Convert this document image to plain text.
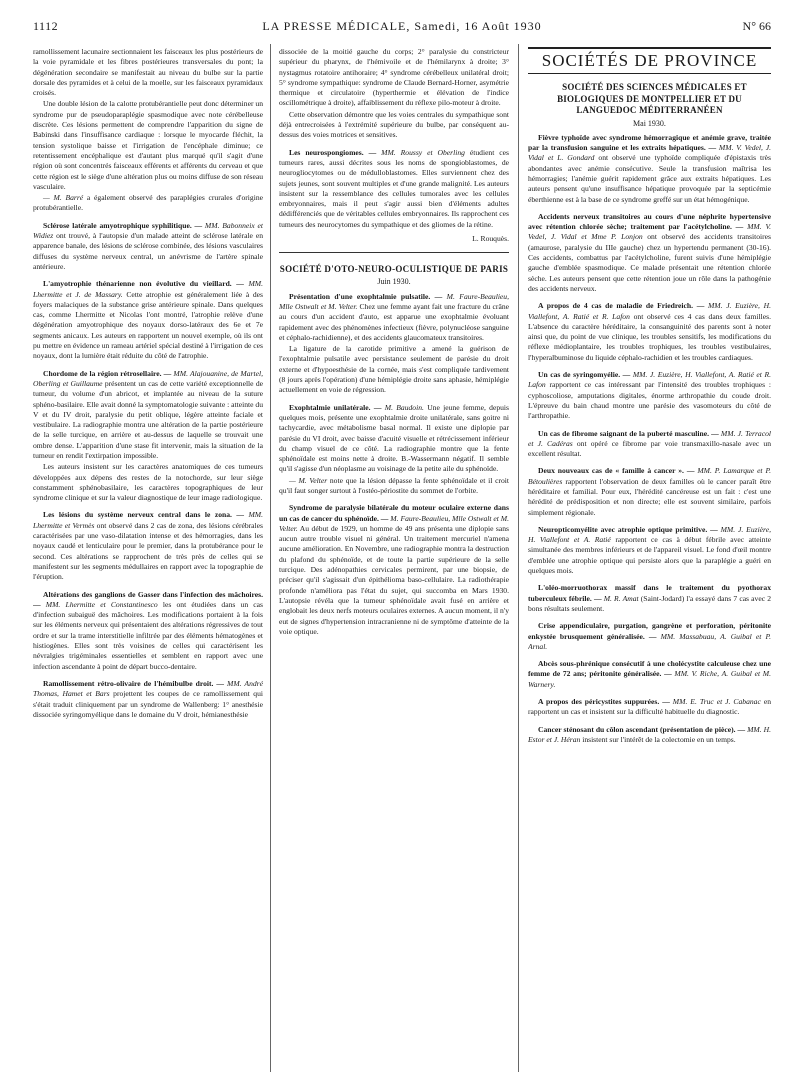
1112	LA PRESSE MÉDICALE, Samedi, 16 Août 1930	N° 66

ramollissement lacunaire sectionnaient les faisceaux les plus postérieurs de la voie pyramidale et les fibres postérieures transversales du pont; la dégénération secondaire se manifestait au niveau du bulbe sur la partie dorsale des pyramides et à celui de la moelle, sur les faisceaux pyramidaux croisés.

Une double lésion de la calotte protubérantielle peut donc déterminer un syndrome pur de pseudoparaplégie spasmodique avec note cérébelleuse discrète. Ces lésions permettent de comprendre l'apparition du signe de Babinski dans l'insuffisance cardiaque : lorsque le myocarde fléchit, la tension systolique baisse et l'irrigation de l'encéphale diminue; ce retentissement encéphalique est d'autant plus marqué qu'il s'agit d'une région où sont concentrés faisceaux efférents et afférents du cerveau et que cette région est le siège d'une altération plus ou moins diffuse de son réseau vasculaire.

— M. Barré a également observé des paraplégies crurales d'origine protubérantielle.

Sclérose latérale amyotrophique syphilitique. — MM. Babonneix et Widiez ont trouvé, à l'autopsie d'un malade atteint de sclérose latérale en apparence banale, des lésions de sclérose combinée, des lésions vasculaires diffuses du système nerveux central, un anévrisme de l'artère spinale antérieure.

L'amyotrophie thénarienne non évolutive du vieillard. — MM. Lhermitte et J. de Massary. Cette atrophie est généralement liée à des foyers malaciques de la substance grise antérieure spinale. Dans quelques cas, comme Lhermitte et Nicolas l'ont montré, l'atrophie relève d'une dégénération amyotrophique des noyaux dorso-latéraux des 6e et 7e segments anicaux. Les auteurs en rapportent un nouvel exemple, où ils ont pu mettre en évidence un rameau artériel spécial destiné à l'irrigation de ces noyaux, dont la lumière était réduite du côté de l'atrophie.

Chordome de la région rétrosellaire. — MM. Alajouanine, de Martel, Oberling et Guillaume présentent un cas de cette variété exceptionnelle de tumeur, du volume d'un abricot, et implantée au niveau de la suture sphéno-basilaire. Elle avait donné la symptomatologie suivante : atteinte du V et du IV droit, paralysie du petit oblique, légère atteinte faciale et vestibulaire. La radiographie montra une altération de la partie postérieure de la selle turcique, en arrière et au-dessus de laquelle se trouvait une ombre dense. L'apparition d'une stase fit intervenir, mais la situation de la tumeur en rendit l'extirpation impossible.

Les auteurs insistent sur les caractères anatomiques de ces tumeurs développées aux dépens des restes de la notochorde, sur leur siège constamment sphénobasilaire, les caractères topographiques de leur syndrome clinique et sur la valeur diagnostique de leur image radiologique.

Les lésions du système nerveux central dans le zona. — MM. Lhermitte et Vermès ont observé dans 2 cas de zona, des lésions cérébrales caractérisées par une vaso-dilatation intense et des hémorragies, dans les noyaux caudé et lenticulaire pour le premier, dans la protubérance pour le second. Ces altérations se rapprochent de très près de celles qui se manifestent sur les segments médullaires en rapport avec la topographie de l'éruption.

Altérations des ganglions de Gasser dans l'infection des mâchoires. — MM. Lhermitte et Constantinesco les ont étudiées dans un cas d'infection subaiguë des mâchoires. Les modifications portaient à la fois sur les éléments nerveux qui présentaient des altérations régressives de tout ordre et sur la trame interstitielle infiltrée par des éléments hématogènes et histiogènes. Elles sont très voisines de celles qui caractérisent les névralgies trigéminales essentielles et semblent en rapport avec une infection ascendante à point de départ bucco-dentaire.

Ramollissement rétro-olivaire de l'hémibulbe droit. — MM. André Thomas, Hamet et Bars projettent les coupes de ce ramollissement qui s'était traduit cliniquement par un syndrome de Wallenberg: 1° anesthésie dissociée syringomyélique dans le domaine du V droit, hémianesthésie

dissociée de la moitié gauche du corps; 2° paralysie du constricteur supérieur du pharynx, de l'hémivoile et de l'hémilarynx à droite; 3° nystagmus rotatoire antihoraire; 4° syndrome cérébelleux unilatéral droit; 5° syndrome sympathique: syndrome de Claude Bernard-Horner, asymétrie thermique et circulatoire (hyperthermie et élévation de l'indice oscillométrique à droite), affaiblissement du réflexe pilo-moteur à droite.

Cette observation démontre que les voies centrales du sympathique sont déjà entrecroisées à l'extrémité supérieure du bulbe, par conséquent au-dessus des voies motrices et sensitives.

Les neurospongiomes. — MM. Roussy et Oberling étudient ces tumeurs rares, aussi décrites sous les noms de spongioblastomes, de neurogliocytomes ou de médulloblastomes. Elles surviennent chez des sujets jeunes, sont souvent multiples et d'une grande malignité. Les auteurs insistent sur la ressemblance des cellules tumorales avec les cellules embryonnaires, mais il peut s'agir aussi bien d'éléments adultes dédifférenciés que de véritables cellules embryonnaires. Ils rapprochent ces tumeurs des neurocytomes du sympathique et des gliomes de la rétine.

L. Rouquès.

SOCIÉTÉ D'OTO-NEURO-OCULISTIQUE DE PARIS

Juin 1930.

Présentation d'une exophtalmie pulsatile. — M. Faure-Beaulieu, Mlle Ostwalt et M. Velter. Chez une femme ayant fait une fracture du crâne au cours d'un accident d'auto, est apparue une exophtalmie évoluant rapidement avec des phénomènes infectieux (fièvre, polynucléose sanguine et céphalo-rachidienne), et des accidents glaucomateux transitoires.

La ligature de la carotide primitive a amené la guérison de l'exophtalmie pulsatile avec persistance seulement de parésie du droit externe et d'hypoesthésie de la cornée, mais s'est compliquée tardivement (8 jours après l'opération) d'une hémiplégie droite sans aphasie, hémiplégie actuellement en voie de régression.

Exophtalmie unilatérale. — M. Baudoin. Une jeune femme, depuis quelques mois, présente une exophtalmie droite unilatérale, sans goitre ni tachycardie, avec métabolisme basal normal. Il existe une diplopie par parésie du VI droit, avec baisse d'acuité visuelle et rétrécissement inférieur du champ visuel de ce côté. La radiographie montre que la fente sphénoïdale est moins nette à droite. B.-Wassermann négatif. Il semble qu'il s'agisse d'un néoplasme au voisinage de la petite aile du sphénoïde.

— M. Velter note que la lésion dépasse la fente sphénoïdale et il croit qu'il faut songer surtout à l'ostéo-périostite du sommet de l'orbite.

Syndrome de paralysie bilatérale du moteur oculaire externe dans un cas de cancer du sphénoïde. — M. Faure-Beaulieu, Mlle Ostwalt et M. Velter. Au début de 1929, un homme de 49 ans présenta une diplopie sans aucun autre trouble visuel ni général. Un traitement mercuriel n'amena aucune amélioration. En Novembre, une radiographie montra la destruction du plafond du sphénoïde, et de toute la partie supérieure de la selle turcique. Des adénopathies cervicales permirent, par une biopsie, de préciser qu'il s'agissait d'un épithélioma baso-cellulaire. La radiothérapie profonde n'améliora pas l'état du sujet, qui succomba en Mars 1930. L'autopsie révéla que la tumeur sphénoïdale avait fusé en arrière et englobait les deux nerfs moteurs oculaires externes. A aucun moment, il n'y eut de signes d'hypertension intracranienne ni de symptôme d'atteinte de la voie optique.

SOCIÉTÉS DE PROVINCE

SOCIÉTÉ DES SCIENCES MÉDICALES ET BIOLOGIQUES DE MONTPELLIER ET DU LANGUEDOC MÉDITERRANÉEN

Mai 1930.

Fièvre typhoïde avec syndrome hémorragique et anémie grave, traitée par la transfusion sanguine et les extraits hépatiques. — MM. V. Vedel, J. Vidal et L. Gondard ont observé une typhoïde compliquée d'épistaxis très abondantes avec anémie consécutive. Seule la transfusion maîtrisa les hémorragies; l'anémie guérit rapidement grâce aux extraits hépatiques. Les auteurs pensent qu'une insuffisance hépatique provoquée par la septicémie éberthienne est à la base de ce syndrome greffé sur un état hémogénique.

Accidents nerveux transitoires au cours d'une néphrite hypertensive avec rétention chlorée sèche; traitement par l'acétylcholine. — MM. V. Vedel, J. Vidal et Mme P. Lonjon ont observé des accidents transitoires (amaurose, paralysie du IIIe gauche) chez un hypertendu permanent (30-16). Ces accidents, combattus par l'acétylcholine, furent suivis d'une hémiplégie gauche d'emblée spasmodique. Ce malade présentait une rétention chlorée sèche. Les auteurs pensent que cette rétention joue un rôle dans la pathogénie des accidents nerveux.

A propos de 4 cas de maladie de Friedreich. — MM. J. Euzière, H. Viallefont, A. Ratié et R. Lafon ont observé ces 4 cas dans deux familles. L'absence du caractère héréditaire, la consanguinité des parents sont à noter ainsi que, du point de vue clinique, les troubles sensitifs, les modifications du réflexe médioplantaire, les troubles trophiques, les troubles vestibulaires, l'hyperalbuminose du liquide céphalo-rachidien et les troubles cardiaques.

Un cas de syringomyélie. — MM. J. Euzière, H. Viallefont, A. Ratié et R. Lafon rapportent ce cas intéressant par l'intensité des troubles trophiques : cyphoscoliose, amputations digitales, énorme arthropathie du coude droit. L'épreuve du bain chaud montre une parésie des vasomoteurs du côté de l'arthropathie.

Un cas de fibrome saignant de la puberté masculine. — MM. J. Terracol et J. Cadéras ont opéré ce fibrome par voie transmaxillo-nasale avec un excellent résultat.

Deux nouveaux cas de « famille à cancer ». — MM. P. Lamarque et P. Bétoulières rapportent l'observation de deux familles où le cancer paraît être héréditaire et familial. Pour eux, l'hérédité cancéreuse est un fait : c'est une hérédité de prédisposition et non directe; elle est souvent similaire, parfois simplement régionale.

Neuropticomyélite avec atrophie optique primitive. — MM. J. Euzière, H. Viallefont et A. Ratié rapportent ce cas à début fébrile avec atteinte simultanée des membres inférieurs et de l'appareil visuel. Le fond d'œil montre d'emblée une atrophie optique qui persiste alors que la paraplégie a guéri en quelques mois.

L'oléo-morruothorax massif dans le traitement du pyothorax tuberculeux fébrile. — M. R. Amat (Saint-Jodard) l'a essayé dans 7 cas avec 2 bons résultats seulement.

Crise appendiculaire, purgation, gangrène et perforation, péritonite enkystée brusquement généralisée. — MM. Massabuau, A. Guibal et P. Arnal.

Abcès sous-phrénique consécutif à une cholécystite calculeuse chez une femme de 72 ans; péritonite généralisée. — MM. V. Riche, A. Guibal et M. Warnery.

A propos des péricystites suppurées. — MM. E. Truc et J. Cabanac en rapportent un cas et insistent sur la difficulté habituelle du diagnostic.

Cancer sténosant du côlon ascendant (présentation de pièce). — MM. H. Estor et J. Héran insistent sur l'intérêt de la colectomie en un temps.
